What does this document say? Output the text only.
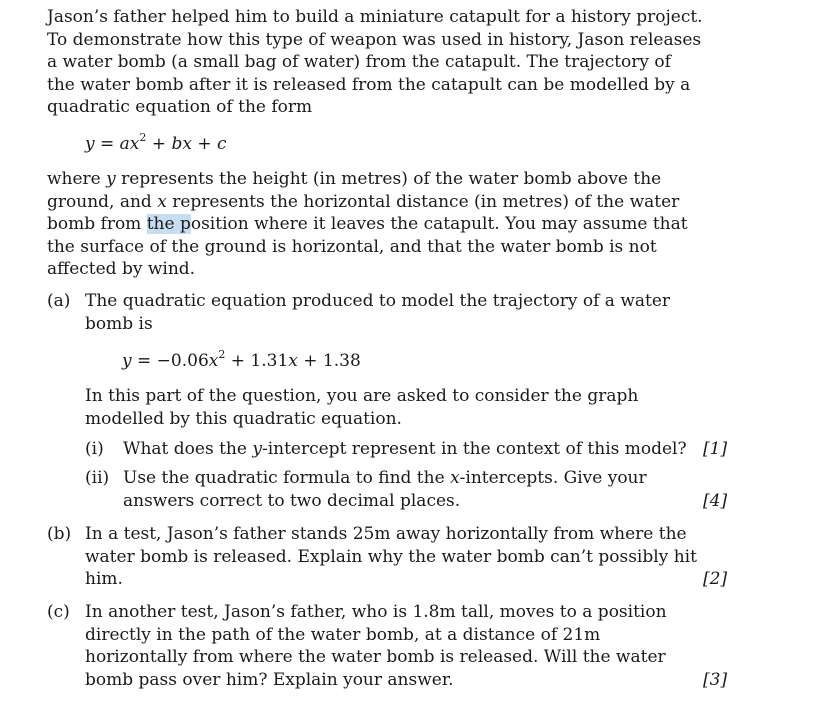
Jason’s father helped him to build a miniature catapult for a history project.
To demonstrate how this type of weapon was used in history, Jason releases
a water bomb (a small bag of water) from the catapult. The trajectory of
the water bomb after it is released from the catapult can be modelled by a
quadratic equation of the form
$y = ax^2$ + bx + c
where y represents the height (in metres) of the water bomb above the
ground, and x represents the horizontal distance (in metres) of the water
bomb from the position where it leaves the catapult. You may assume that
the surface of the ground is horizontal, and that the water bomb is not
affected by wind.
(a) The quadratic equation produced to model the trajectory of a water
bomb is
$y = -0.06x^2 + 1.31x + 1.38$
In this part of the question, you are asked to consider the graph
modelled by this quadratic equation.
(i) What does the y-intercept represent in the context of this model? [1]
(ii) Use the quadratic formula to find the x-intercepts. Give your
answers correct to two decimal places.	[4]
(b) In a test, Jason’s father stands 25m away horizontally from where the
water bomb is released. Explain why the water bomb can’t possibly hit
him.	[2]
(c) In another test, Jason’s father, who is 1.8m tall, moves to a position
directly in the path of the water bomb, at a distance of 21m
horizontally from where the water bomb is released. Will the water
bomb pass over him? Explain your answer.	[3]
